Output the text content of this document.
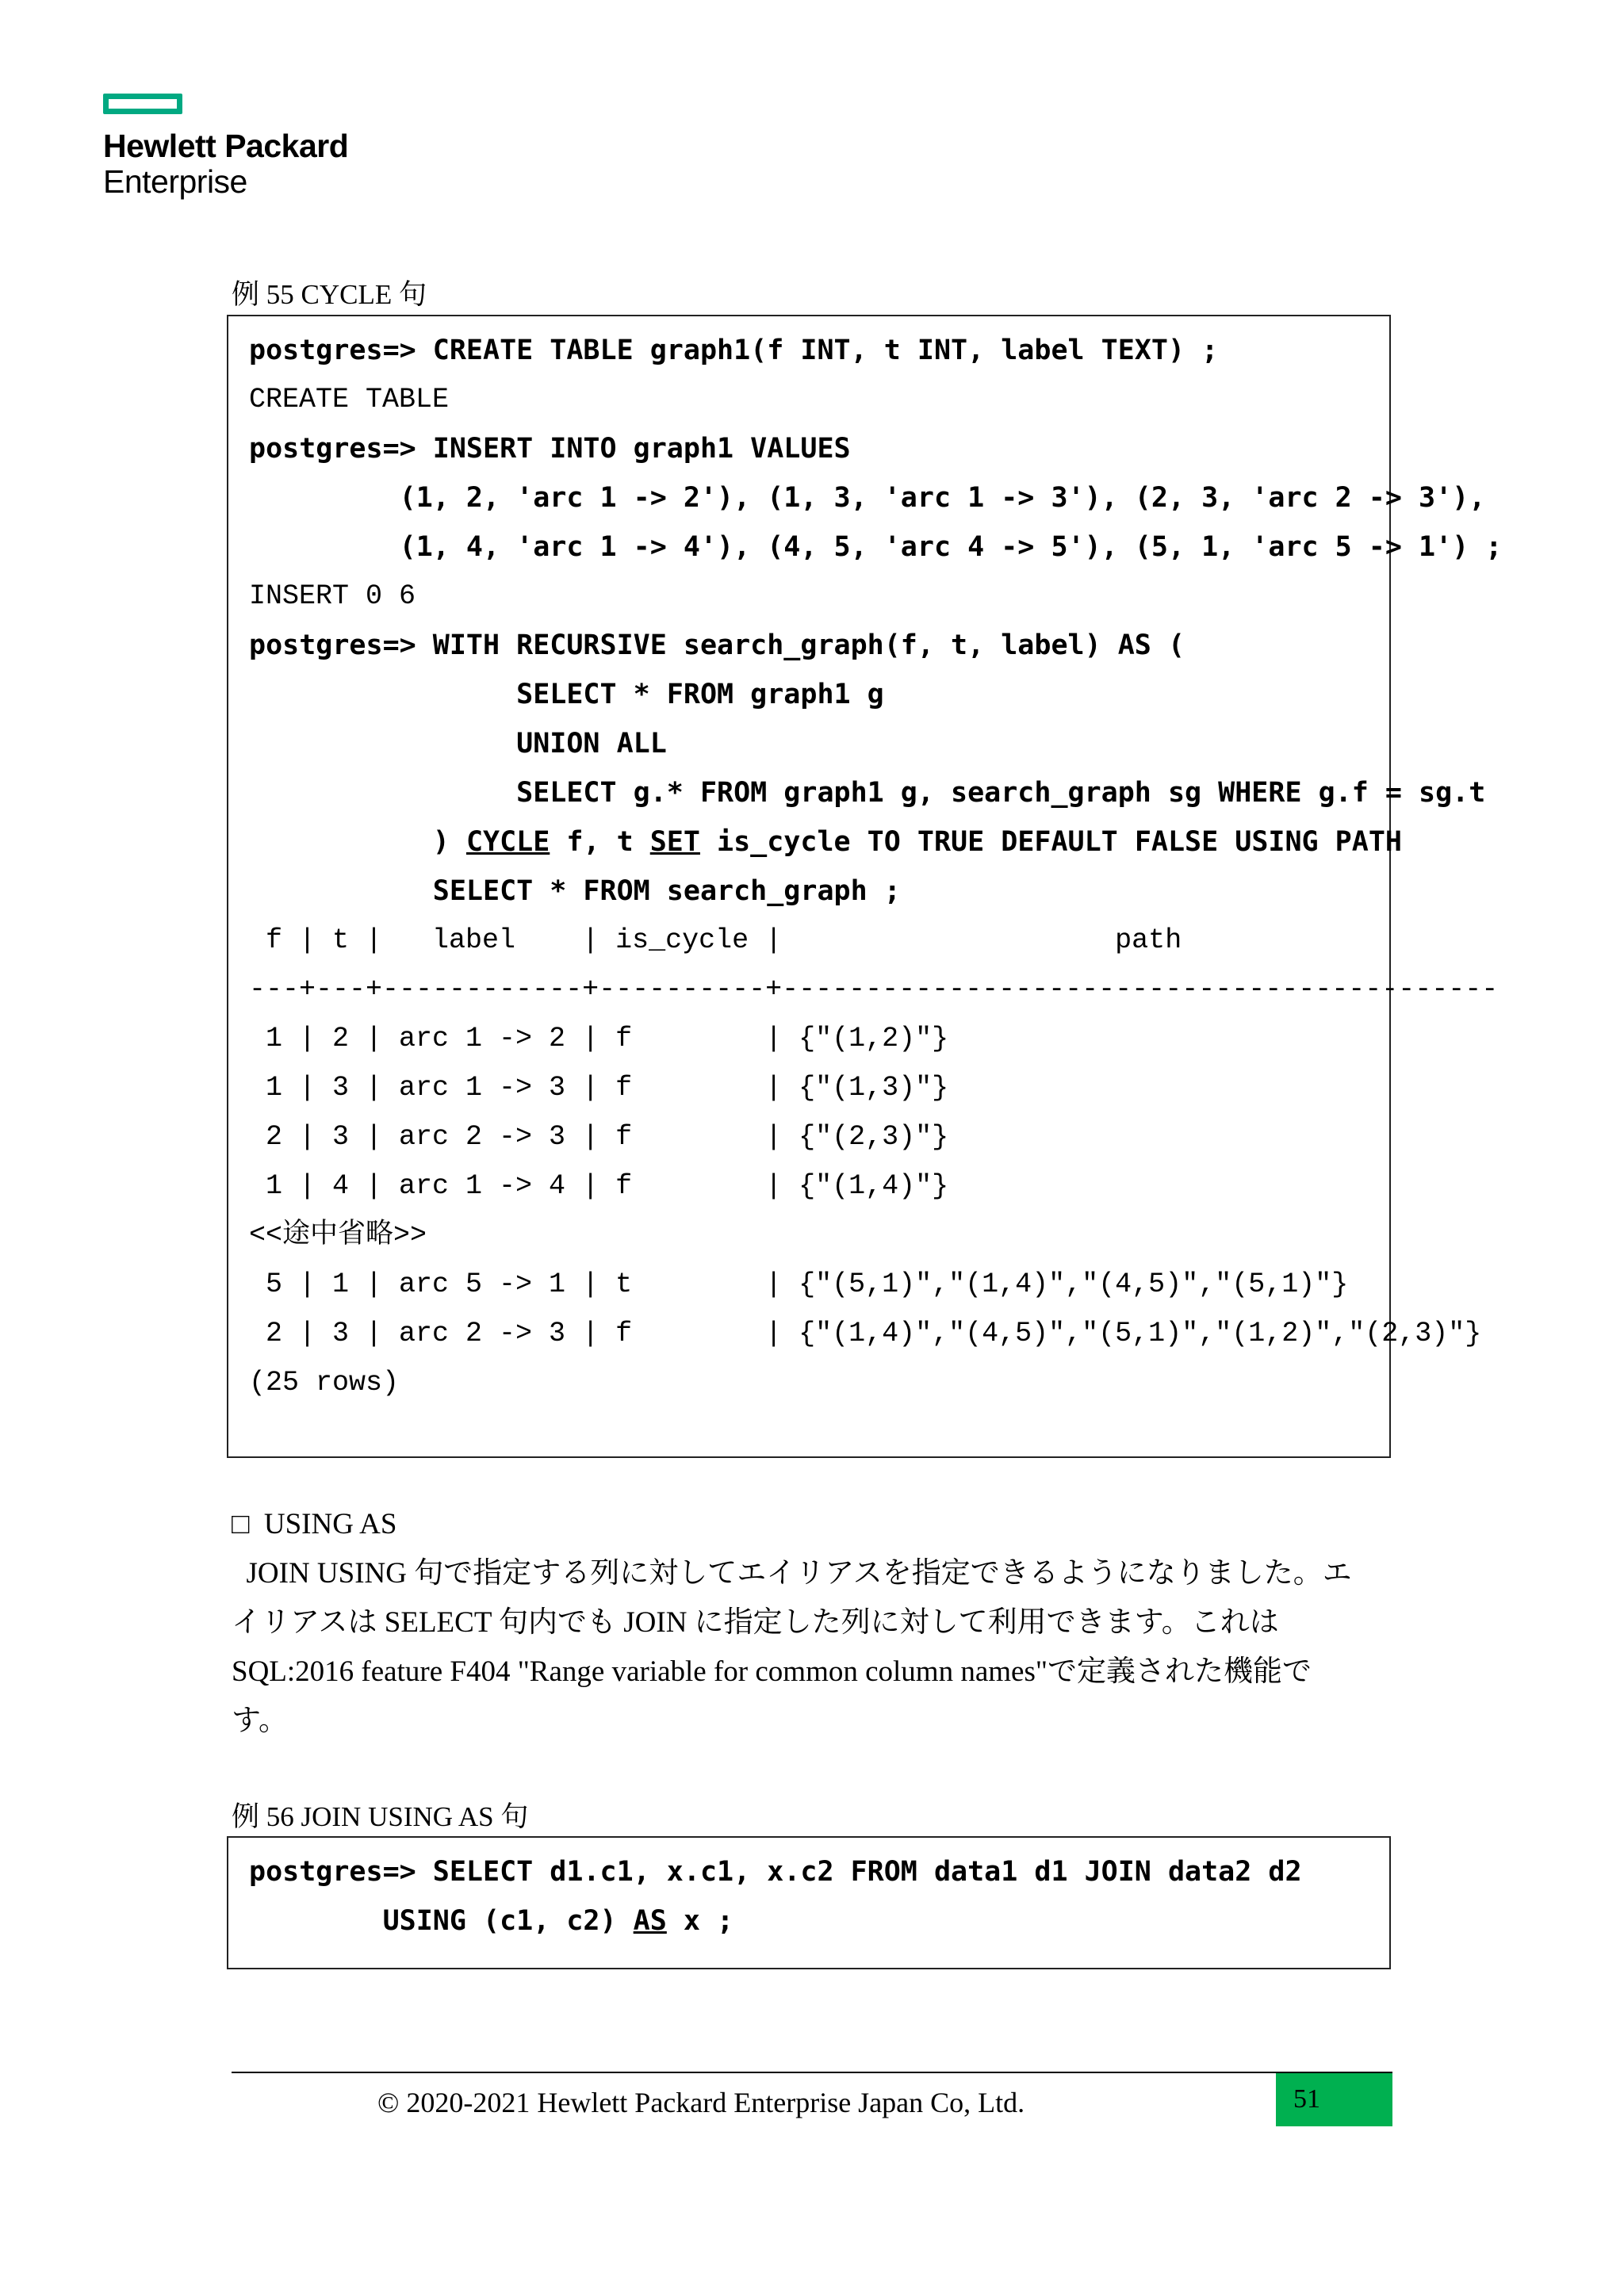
Hewlett Packard
Enterprise
例 55 CYCLE 句
postgres=> CREATE TABLE graph1(f INT, t INT, label TEXT) ;
CREATE TABLE
postgres=> INSERT INTO graph1 VALUES
(1, 2, 'arc 1 -> 2'), (1, 3, 'arc 1 -> 3'), (2, 3, 'arc 2 -> 3'),
(1, 4, 'arc 1 -> 4'), (4, 5, 'arc 4 -> 5'), (5, 1, 'arc 5 -> 1') ;
INSERT 0 6
postgres=> WITH RECURSIVE search_graph(f, t, label) AS (
SELECT * FROM graph1 g
UNION ALL
SELECT g.* FROM graph1 g, search_graph sg WHERE g.f = sg.t
) CYCLE f, t SET is_cycle TO TRUE DEFAULT FALSE USING PATH
SELECT * FROM search_graph ;
f | t |   label    | is_cycle |                    path
---+---+------------+----------+-------------------------------------------
1 | 2 | arc 1 -> 2 | f        | {"(1,2)"}
1 | 3 | arc 1 -> 3 | f        | {"(1,3)"}
2 | 3 | arc 2 -> 3 | f        | {"(2,3)"}
1 | 4 | arc 1 -> 4 | f        | {"(1,4)"}
<<途中省略>>
5 | 1 | arc 5 -> 1 | t        | {"(5,1)","(1,4)","(4,5)","(5,1)"}
2 | 3 | arc 2 -> 3 | f        | {"(1,4)","(4,5)","(5,1)","(1,2)","(2,3)"}
(25 rows)
□  USING AS
JOIN USING 句で指定する列に対してエイリアスを指定できるようになりました。エ
イリアスは SELECT 句内でも JOIN に指定した列に対して利用できます。これは
SQL:2016 feature F404 "Range variable for common column names"で定義された機能で
す。
例 56 JOIN USING AS 句
postgres=> SELECT d1.c1, x.c1, x.c2 FROM data1 d1 JOIN data2 d2
USING (c1, c2) AS x ;
© 2020-2021 Hewlett Packard Enterprise Japan Co, Ltd.	51
